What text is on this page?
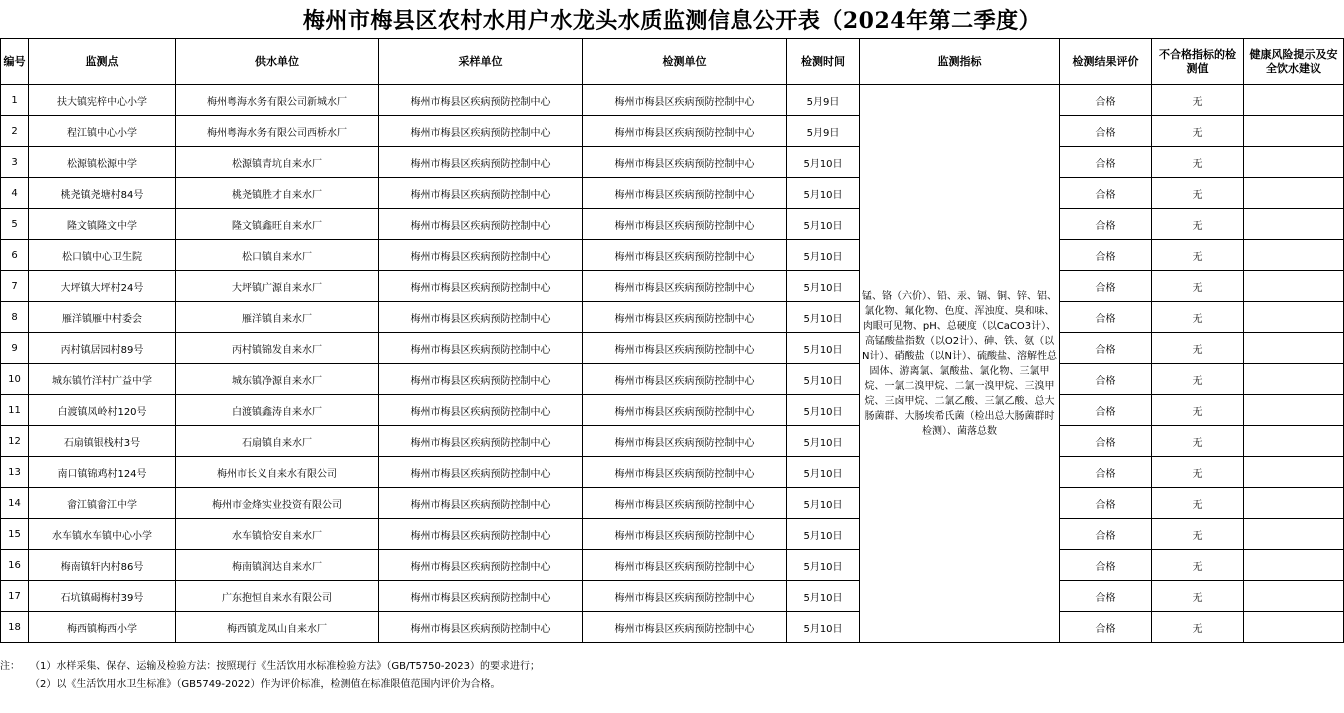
梅州市梅县区农村水用户水龙头水质监测信息公开表（2024年第二季度）
编号	监测点	供水单位	采样单位	检测单位	检测时间	监测指标	检测结果评价	不合格指标的检测值	健康风险提示及安全饮水建议
1	扶大镇宪梓中心小学	梅州粤海水务有限公司新城水厂	梅州市梅县区疾病预防控制中心	梅州市梅县区疾病预防控制中心	5月9日	锰、铬（六价）、铅、汞、镉、铜、锌、铝、氯化物、氟化物、色度、浑浊度、臭和味、肉眼可见物、pH、总硬度（以CaCO3计）、高锰酸盐指数（以O2计）、砷、铁、氨（以N计）、硝酸盐（以N计）、硫酸盐、溶解性总固体、游离氯、氯酸盐、氯化物、三氯甲烷、一氯二溴甲烷、二氯一溴甲烷、三溴甲烷、三卤甲烷、二氯乙酸、三氯乙酸、总大肠菌群、大肠埃希氏菌（检出总大肠菌群时检测）、菌落总数	合格	无	
2	程江镇中心小学	梅州粤海水务有限公司西桥水厂	梅州市梅县区疾病预防控制中心	梅州市梅县区疾病预防控制中心	5月9日		合格	无	
3	松源镇松源中学	松源镇青坑自来水厂	梅州市梅县区疾病预防控制中心	梅州市梅县区疾病预防控制中心	5月10日		合格	无	
4	桃尧镇尧塘村84号	桃尧镇胜才自来水厂	梅州市梅县区疾病预防控制中心	梅州市梅县区疾病预防控制中心	5月10日		合格	无	
5	隆文镇隆文中学	隆文镇鑫旺自来水厂	梅州市梅县区疾病预防控制中心	梅州市梅县区疾病预防控制中心	5月10日		合格	无	
6	松口镇中心卫生院	松口镇自来水厂	梅州市梅县区疾病预防控制中心	梅州市梅县区疾病预防控制中心	5月10日		合格	无	
7	大坪镇大坪村24号	大坪镇广源自来水厂	梅州市梅县区疾病预防控制中心	梅州市梅县区疾病预防控制中心	5月10日		合格	无	
8	雁洋镇雁中村委会	雁洋镇自来水厂	梅州市梅县区疾病预防控制中心	梅州市梅县区疾病预防控制中心	5月10日		合格	无	
9	丙村镇居园村89号	丙村镇锦发自来水厂	梅州市梅县区疾病预防控制中心	梅州市梅县区疾病预防控制中心	5月10日		合格	无	
10	城东镇竹洋村广益中学	城东镇净源自来水厂	梅州市梅县区疾病预防控制中心	梅州市梅县区疾病预防控制中心	5月10日		合格	无	
11	白渡镇凤岭村120号	白渡镇鑫涛自来水厂	梅州市梅县区疾病预防控制中心	梅州市梅县区疾病预防控制中心	5月10日		合格	无	
12	石扇镇银栈村3号	石扇镇自来水厂	梅州市梅县区疾病预防控制中心	梅州市梅县区疾病预防控制中心	5月10日		合格	无	
13	南口镇锦鸡村124号	梅州市长义自来水有限公司	梅州市梅县区疾病预防控制中心	梅州市梅县区疾病预防控制中心	5月10日		合格	无	
14	畲江镇畲江中学	梅州市金烽实业投资有限公司	梅州市梅县区疾病预防控制中心	梅州市梅县区疾病预防控制中心	5月10日		合格	无	
15	水车镇水车镇中心小学	水车镇恰安自来水厂	梅州市梅县区疾病预防控制中心	梅州市梅县区疾病预防控制中心	5月10日		合格	无	
16	梅南镇轩内村86号	梅南镇润达自来水厂	梅州市梅县区疾病预防控制中心	梅州市梅县区疾病预防控制中心	5月10日		合格	无	
17	石坑镇碣梅村39号	广东抱恒自来水有限公司	梅州市梅县区疾病预防控制中心	梅州市梅县区疾病预防控制中心	5月10日		合格	无	
18	梅西镇梅西小学	梅西镇龙凤山自来水厂	梅州市梅县区疾病预防控制中心	梅州市梅县区疾病预防控制中心	5月10日		合格	无	
注： （1）水样采集、保存、运输及检验方法：按照现行《生活饮用水标准检验方法》（GB/T5750-2023）的要求进行；
（2）以《生活饮用水卫生标准》（GB5749-2022）作为评价标准，检测值在标准限值范围内评价为合格。
